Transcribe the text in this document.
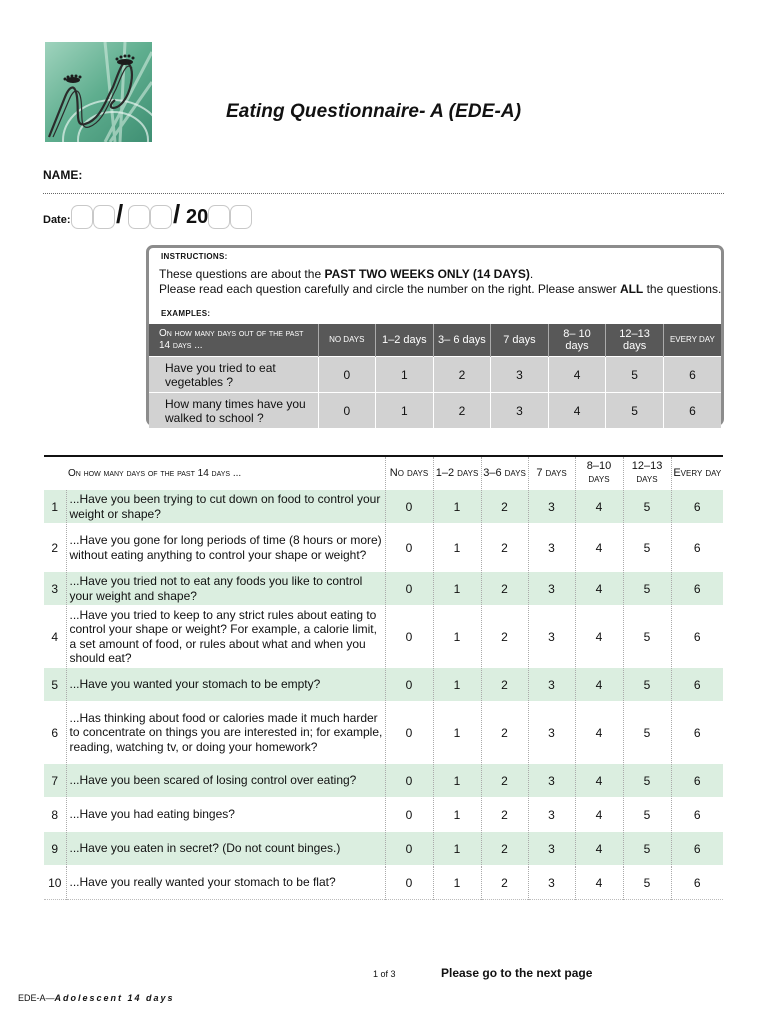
Eating Questionnaire- A (EDE-A)
NAME:
Date: / / 20
INSTRUCTIONS:
These questions are about the PAST TWO WEEKS ONLY (14 DAYS).
Please read each question carefully and circle the number on the right. Please answer ALL the questions.
EXAMPLES:
On how many days out of the past 14 days ...	NO DAYS	1–2 days	3– 6 days	7 days	8– 10 days	12–13 days	EVERY DAY
Have you tried to eat vegetables ?	0	1	2	3	4	5	6
How many times have you walked to school ?	0	1	2	3	4	5	6
On how many days of the past 14 days ...		No days	1–2 days	3–6 days	7 days	8–10 days	12–13 days	Every day
1	...Have you been trying to cut down on food to control your weight or shape?	0	1	2	3	4	5	6
2	...Have you gone for long periods of time (8 hours or more) without eating anything to control your shape or weight?	0	1	2	3	4	5	6
3	...Have you tried not to eat any foods you like to control your weight and shape?	0	1	2	3	4	5	6
4	...Have you tried to keep to any strict rules about eating to control your shape or weight? For example, a calorie limit, a set amount of food, or rules about what and when you should eat?	0	1	2	3	4	5	6
5	...Have you wanted your stomach to be empty?	0	1	2	3	4	5	6
6	...Has thinking about food or calories made it much harder to concentrate on things you are interested in; for example, reading, watching tv, or doing your homework?	0	1	2	3	4	5	6
7	...Have you been scared of losing control over eating?	0	1	2	3	4	5	6
8	...Have you had eating binges?	0	1	2	3	4	5	6
9	...Have you eaten in secret? (Do not count binges.)	0	1	2	3	4	5	6
10	...Have you really wanted your stomach to be flat?	0	1	2	3	4	5	6
1 of 3	Please go to the next page
EDE-A—Adolescent 14 days
